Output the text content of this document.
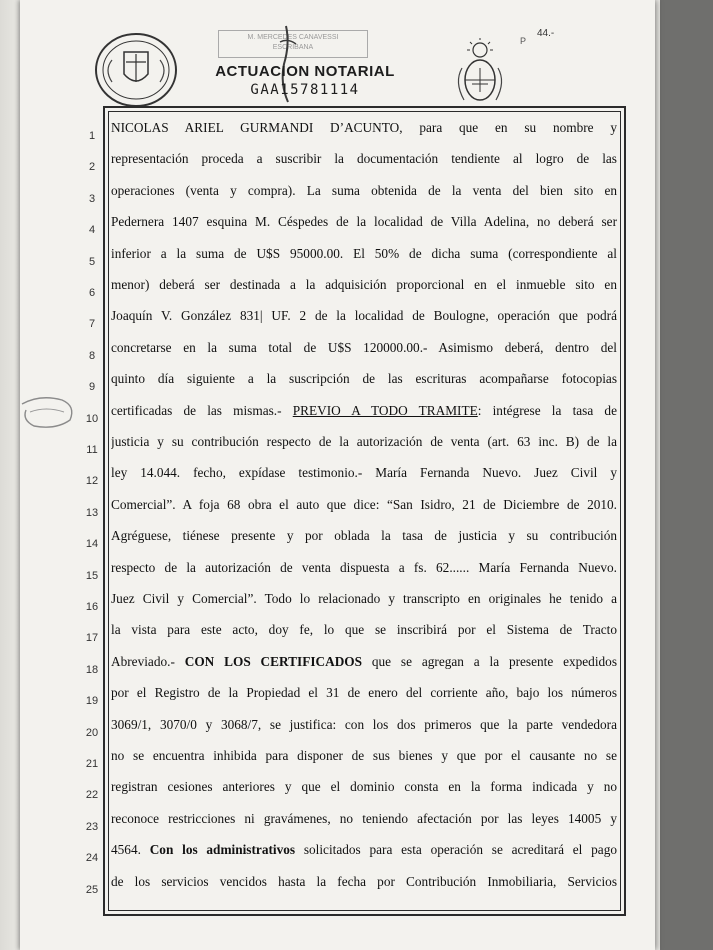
M. MERCEDES CANAVESSI
ESCRIBANA
44.-
P
ACTUACION NOTARIAL
GAA15781114
1
NICOLAS ARIEL GURMANDI D’ACUNTO, para que en su nombre y
2
representación proceda a suscribir la documentación tendiente al logro de las
3
operaciones (venta y compra). La suma obtenida de la venta del bien sito en
4
Pedernera 1407 esquina M. Céspedes de la localidad de Villa Adelina, no deberá ser
5
inferior a la suma de U$S 95000.00. El 50% de dicha suma (correspondiente al
6
menor) deberá ser destinada a la adquisición proporcional en el inmueble sito en
7
Joaquín V. González 831| UF. 2 de la localidad de Boulogne, operación que podrá
8
concretarse en la suma total de U$S 120000.00.- Asimismo deberá, dentro del
9
quinto día siguiente a la suscripción de las escrituras acompañarse fotocopias
10
certificadas de las mismas.- PREVIO A TODO TRAMITE: intégrese la tasa de
11
justicia y su contribución respecto de la autorización de venta (art. 63 inc. B) de la
12
ley 14.044. fecho, expídase testimonio.- María Fernanda Nuevo. Juez Civil y
13
Comercial”. A foja 68 obra el auto que dice: “San Isidro, 21 de Diciembre de 2010.
14
Agréguese, tiénese presente y por oblada la tasa de justicia y su contribución
15
respecto de la autorización de venta dispuesta a fs. 62...... María Fernanda Nuevo.
16
Juez Civil y Comercial”. Todo lo relacionado y transcripto en originales he tenido a
17
la vista para este acto, doy fe, lo que se inscribirá por el Sistema de Tracto
18
Abreviado.- CON LOS CERTIFICADOS que se agregan a la presente expedidos
19
por el Registro de la Propiedad el 31 de enero del corriente año, bajo los números
20
3069/1, 3070/0 y 3068/7, se justifica: con los dos primeros que la parte vendedora
21
no se encuentra inhibida para disponer de sus bienes y que por el causante no se
22
registran cesiones anteriores y que el dominio consta en la forma indicada y no
23
reconoce restricciones ni gravámenes, no teniendo afectación por las leyes 14005 y
24
4564. Con los administrativos solicitados para esta operación se acreditará el pago
25
de los servicios vencidos hasta la fecha por Contribución Inmobiliaria, Servicios
